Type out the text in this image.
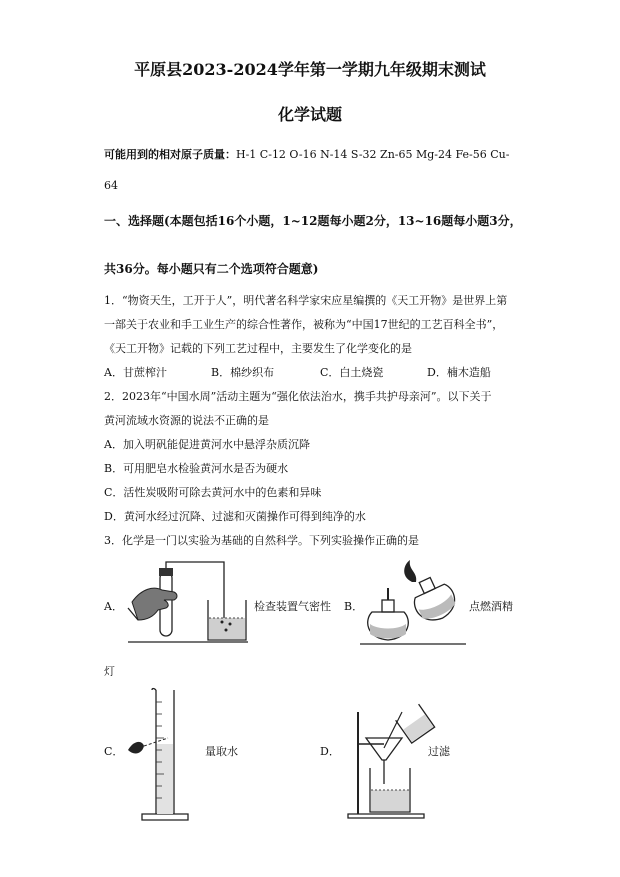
平原县2023-2024学年第一学期九年级期末测试
化学试题
可能用到的相对原子质量：H-1 C-12 O-16 N-14 S-32 Zn-65 Mg-24 Fe-56 Cu-
64
一、选择题(本题包括16个小题，1~12题每小题2分，13~16题每小题3分，
共36分。每小题只有二个选项符合题意)
1．“物资天生，工开于人”，明代著名科学家宋应星编撰的《天工开物》是世界上第
一部关于农业和手工业生产的综合性著作，被称为“中国17世纪的工艺百科全书”，
《天工开物》记载的下列工艺过程中，主要发生了化学变化的是
A．甘蔗榨汁	B．棉纱织布	C．白土烧瓷	D．楠木造船
2．2023年“中国水周”活动主题为“强化依法治水，携手共护母亲河”。以下关于
黄河流域水资源的说法不正确的是
A．加入明矾能促进黄河水中悬浮杂质沉降
B．可用肥皂水检验黄河水是否为硬水
C．活性炭吸附可除去黄河水中的色素和异味
D．黄河水经过沉降、过滤和灭菌操作可得到纯净的水
3．化学是一门以实验为基础的自然科学。下列实验操作正确的是
A．	检查装置气密性 B．	点燃酒精
灯
C．	量取水	D．	过滤
